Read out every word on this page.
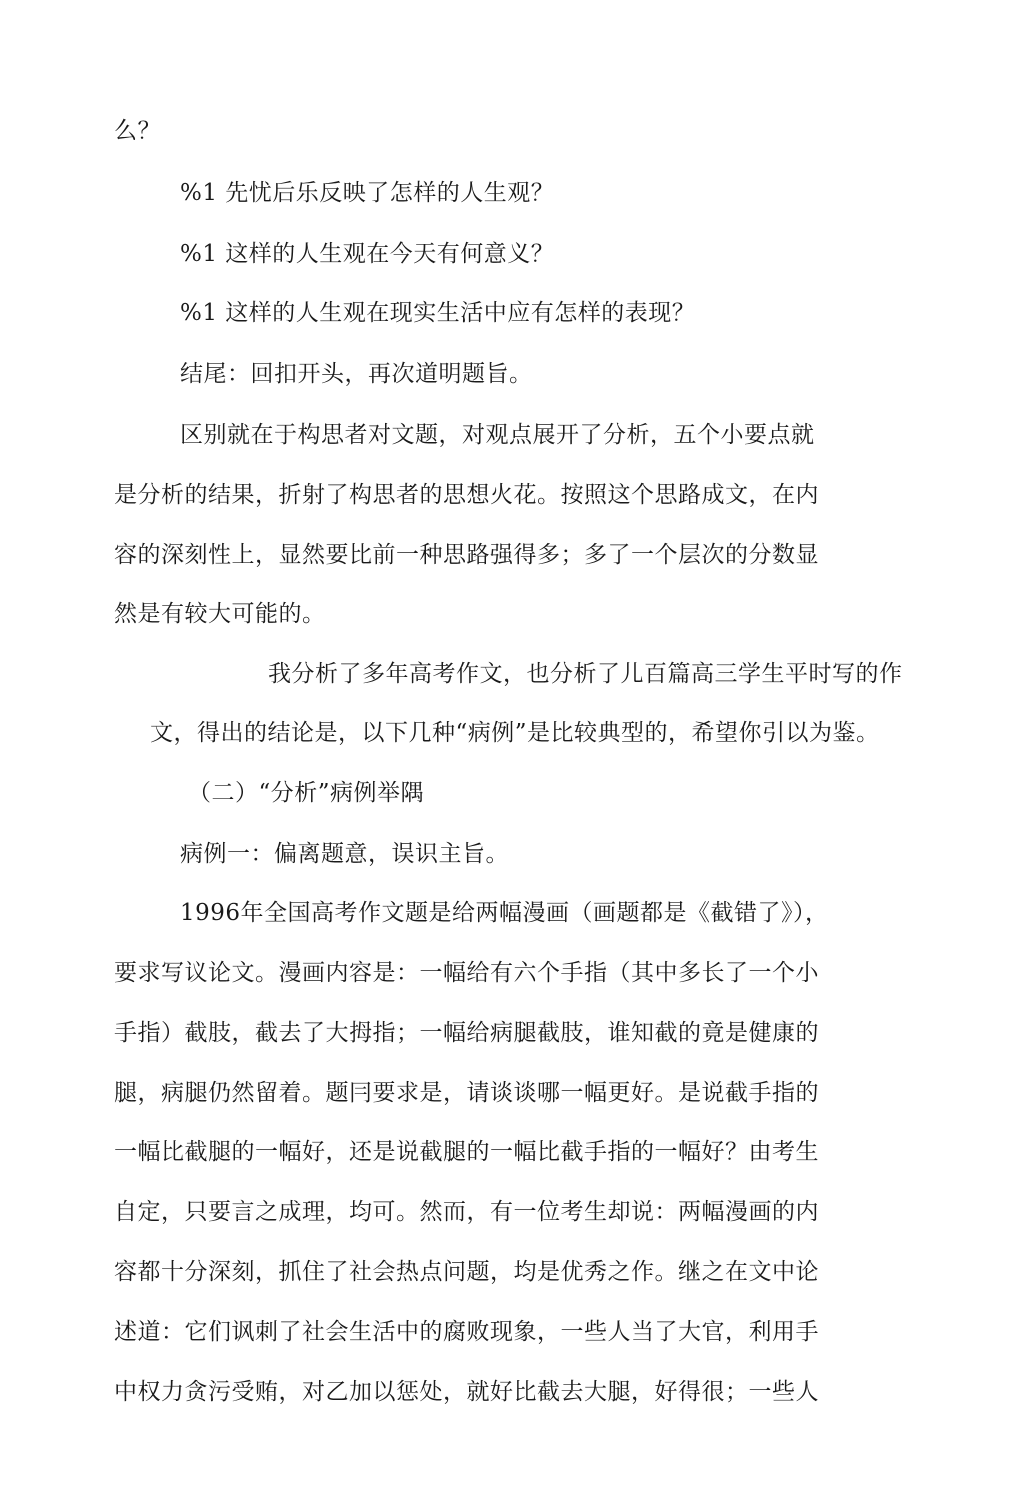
么？
%1 先忧后乐反映了怎样的人生观？
%1 这样的人生观在今天有何意义？
%1 这样的人生观在现实生活中应有怎样的表现？
结尾：回扣开头，再次道明题旨。
区别就在于构思者对文题，对观点展开了分析，五个小要点就
是分析的结果，折射了构思者的思想火花。按照这个思路成文，在内
容的深刻性上，显然要比前一种思路强得多；多了一个层次的分数显
然是有较大可能的。
我分析了多年高考作文，也分析了儿百篇高三学生平时写的作
文，得出的结论是，以下几种“病例”是比较典型的，希望你引以为鉴。
（二）“分析”病例举隅
病例一：偏离题意，误识主旨。
1996年全国高考作文题是给两幅漫画（画题都是《截错了》），
要求写议论文。漫画内容是：一幅给有六个手指（其中多长了一个小
手指）截肢，截去了大拇指；一幅给病腿截肢，谁知截的竟是健康的
腿，病腿仍然留着。题冃要求是，请谈谈哪一幅更好。是说截手指的
一幅比截腿的一幅好，还是说截腿的一幅比截手指的一幅好？由考生
自定，只要言之成理，均可。然而，有一位考生却说：两幅漫画的内
容都十分深刻，抓住了社会热点问题，均是优秀之作。继之在文中论
述道：它们讽刺了社会生活中的腐败现象，一些人当了大官，利用手
中权力贪污受贿，对乙加以惩处，就好比截去大腿，好得很；一些人
